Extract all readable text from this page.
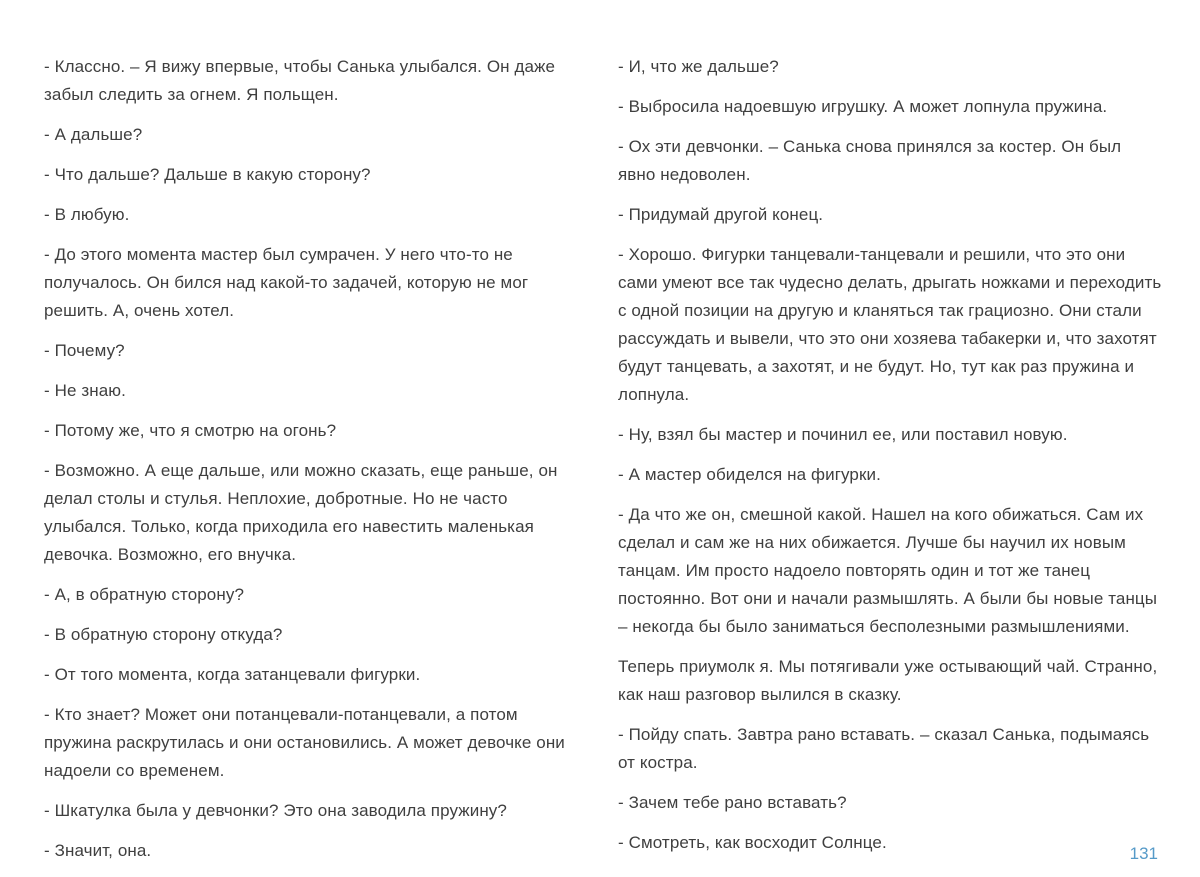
- Классно. – Я вижу впервые, чтобы Санька улыбался. Он даже забыл следить за огнем. Я польщен.

- А дальше?

- Что дальше? Дальше в какую сторону?

- В любую.

- До этого момента мастер был сумрачен. У него что-то не получалось. Он бился над какой-то задачей, которую не мог решить. А, очень хотел.

- Почему?

- Не знаю.

- Потому же, что я смотрю на огонь?

- Возможно. А еще дальше, или можно сказать, еще раньше, он делал столы и стулья. Неплохие, добротные. Но не часто улыбался. Только, когда приходила его навестить маленькая девочка. Возможно, его внучка.

- А, в обратную сторону?

- В обратную сторону откуда?

- От того момента, когда затанцевали фигурки.

- Кто знает? Может они потанцевали-потанцевали, а потом пружина раскрутилась и они остановились. А может девочке они надоели со временем.

- Шкатулка была у девчонки? Это она заводила пружину?

- Значит, она.

- И, что же дальше?

- Выбросила надоевшую игрушку. А может лопнула пружина.

- Ох эти девчонки. – Санька снова принялся за костер. Он был явно недоволен.

- Придумай другой конец.

- Хорошо. Фигурки танцевали-танцевали и решили, что это они сами умеют все так чудесно делать, дрыгать ножками и переходить с одной позиции на другую и кланяться так грациозно. Они стали рассуждать и вывели, что это они хозяева табакерки и, что захотят будут танцевать, а захотят, и не будут. Но, тут как раз пружина и лопнула.

- Ну, взял бы мастер и починил ее, или поставил новую.

- А мастер обиделся на фигурки.

- Да что же он, смешной какой. Нашел на кого обижаться. Сам их сделал и сам же на них обижается. Лучше бы научил их новым танцам. Им просто надоело повторять один и тот же танец постоянно. Вот они и начали размышлять. А были бы новые танцы – некогда бы было заниматься бесполезными размышлениями.

Теперь приумолк я. Мы потягивали уже остывающий чай. Странно, как наш разговор вылился в сказку.

- Пойду спать. Завтра рано вставать. – сказал Санька, подымаясь от костра.

- Зачем тебе рано вставать?

- Смотреть, как восходит Солнце.

131
